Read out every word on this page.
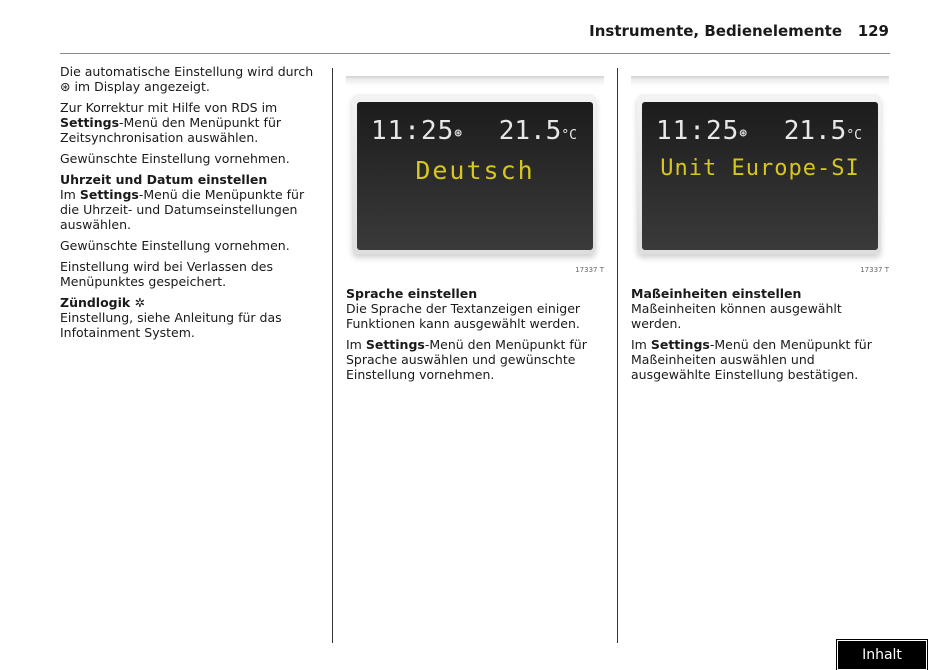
Instrumente, Bedienelemente 129

Die automatische Einstellung wird durch ⊛ im Display angezeigt.

Zur Korrektur mit Hilfe von RDS im Settings-Menü den Menüpunkt für Zeitsynchronisation auswählen.

Gewünschte Einstellung vornehmen.

Uhrzeit und Datum einstellen
Im Settings-Menü die Menüpunkte für die Uhrzeit- und Datumseinstellungen auswählen.

Gewünschte Einstellung vornehmen.

Einstellung wird bei Verlassen des Menüpunktes gespeichert.

Zündlogik ✲
Einstellung, siehe Anleitung für das Infotainment System.

11:25⊛ 21.5°C
Deutsch
17337 T

Sprache einstellen
Die Sprache der Textanzeigen einiger Funktionen kann ausgewählt werden.

Im Settings-Menü den Menüpunkt für Sprache auswählen und gewünschte Einstellung vornehmen.

11:25⊛ 21.5°C
Unit Europe-SI
17337 T

Maßeinheiten einstellen
Maßeinheiten können ausgewählt werden.

Im Settings-Menü den Menüpunkt für Maßeinheiten auswählen und ausgewählte Einstellung bestätigen.

Inhalt
